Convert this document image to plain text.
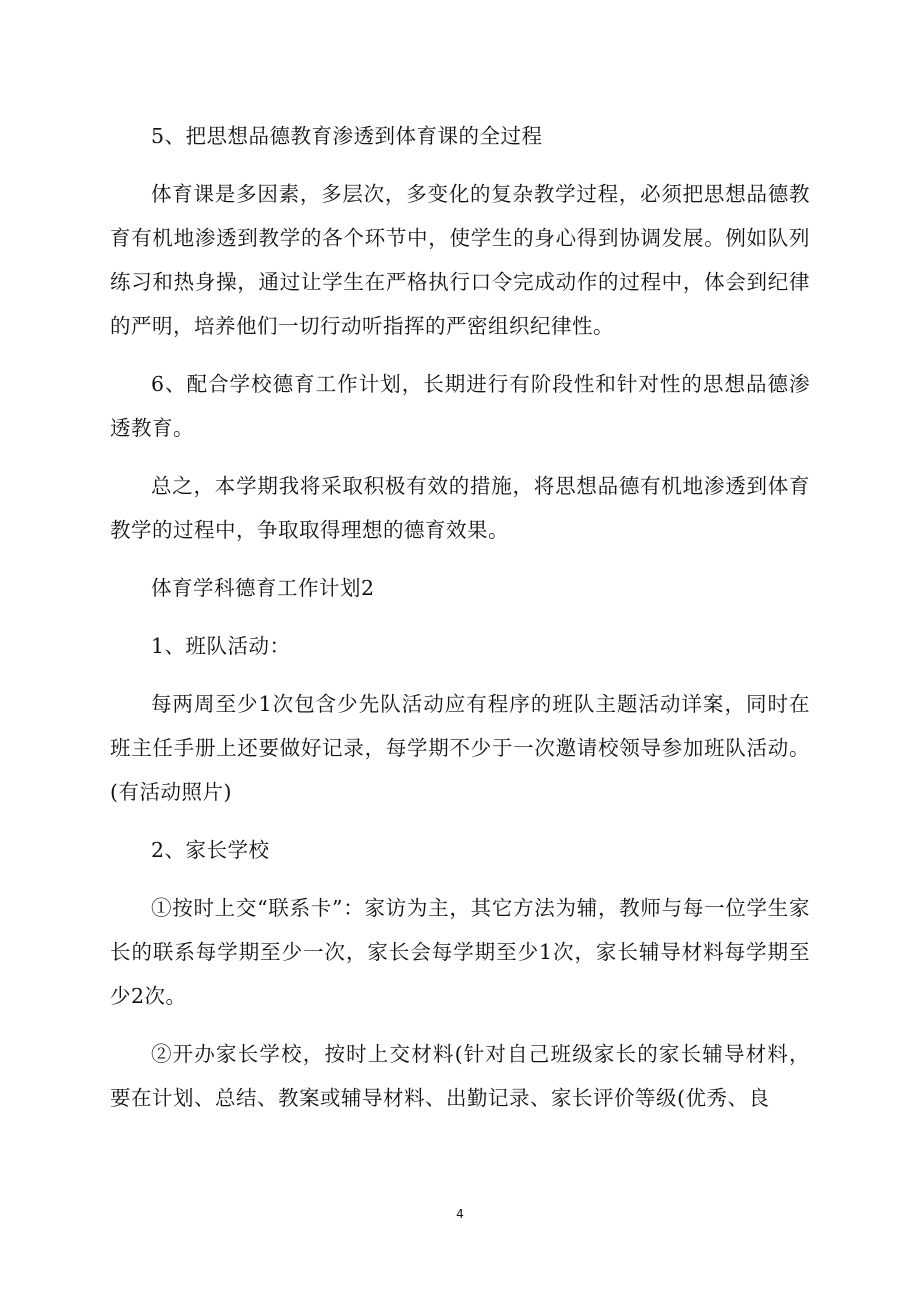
5、把思想品德教育渗透到体育课的全过程

体育课是多因素，多层次，多变化的复杂教学过程，必须把思想品德教育有机地渗透到教学的各个环节中，使学生的身心得到协调发展。例如队列练习和热身操，通过让学生在严格执行口令完成动作的过程中，体会到纪律的严明，培养他们一切行动听指挥的严密组织纪律性。

6、配合学校德育工作计划，长期进行有阶段性和针对性的思想品德渗透教育。

总之，本学期我将采取积极有效的措施，将思想品德有机地渗透到体育教学的过程中，争取取得理想的德育效果。

体育学科德育工作计划2

1、班队活动：

每两周至少1次包含少先队活动应有程序的班队主题活动详案，同时在班主任手册上还要做好记录，每学期不少于一次邀请校领导参加班队活动。(有活动照片)

2、家长学校

①按时上交“联系卡”：家访为主，其它方法为辅，教师与每一位学生家长的联系每学期至少一次，家长会每学期至少1次，家长辅导材料每学期至少2次。

②开办家长学校，按时上交材料(针对自己班级家长的家长辅导材料，要在计划、总结、教案或辅导材料、出勤记录、家长评价等级(优秀、良

4
